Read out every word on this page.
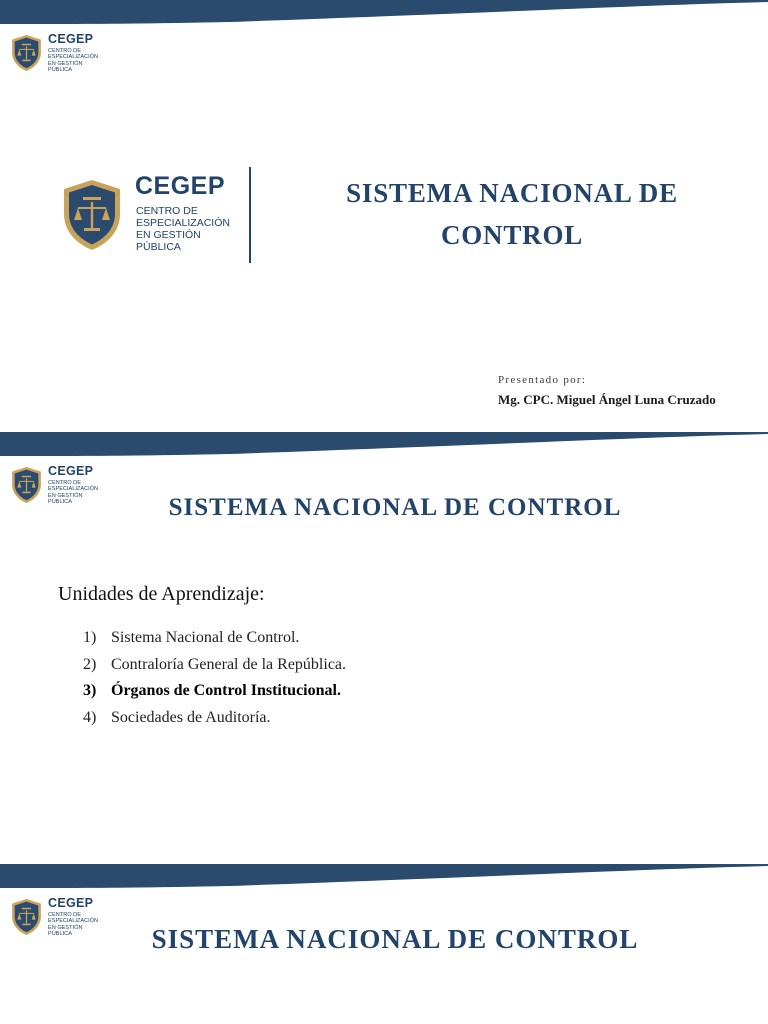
CEGEP
CENTRO DE
ESPECIALIZACIÓN
EN GESTIÓN
PÚBLICA
CEGEP
CENTRO DE
ESPECIALIZACIÓN
EN GESTIÓN
PÚBLICA
SISTEMA NACIONAL DE
CONTROL
Presentado por:
Mg. CPC. Miguel Ángel Luna Cruzado
CEGEP
CENTRO DE
ESPECIALIZACIÓN
EN GESTIÓN
PÚBLICA	SISTEMA NACIONAL DE CONTROL
Unidades de Aprendizaje:
1) Sistema Nacional de Control.
2) Contraloría General de la República.
3) Órganos de Control Institucional.
4) Sociedades de Auditoría.
CEGEP
CENTRO DE
ESPECIALIZACIÓN
EN GESTIÓN
PÚBLICA	SISTEMA NACIONAL DE CONTROL
